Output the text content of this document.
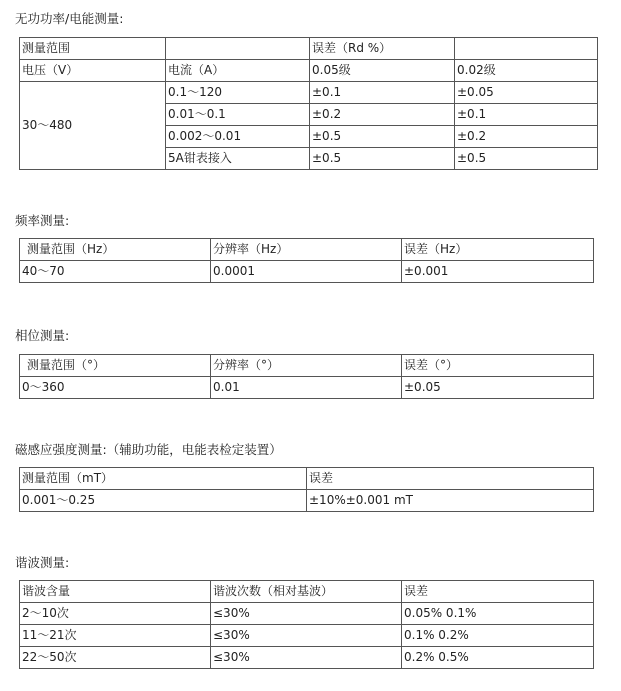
无功功率/电能测量:
测量范围		误差（Rd %）	
电压（V）	电流（A）	0.05级	0.02级
30～480	0.1～120	±0.1	±0.05
	0.01～0.1	±0.2	±0.1
	0.002～0.01	±0.5	±0.2
	5A钳表接入	±0.5	±0.5
频率测量:
测量范围（Hz）	分辨率（Hz）	误差（Hz）
40～70	0.0001	±0.001
相位测量:
测量范围（°）	分辨率（°）	误差（°）
0～360	0.01	±0.05
磁感应强度测量:（辅助功能，电能表检定装置）
测量范围（mT）	误差
0.001～0.25	±10%±0.001 mT
谐波测量:
谐波含量	谐波次数（相对基波）	误差
2～10次	≤30%	0.05% 0.1%
11～21次	≤30%	0.1% 0.2%
22～50次	≤30%	0.2% 0.5%
